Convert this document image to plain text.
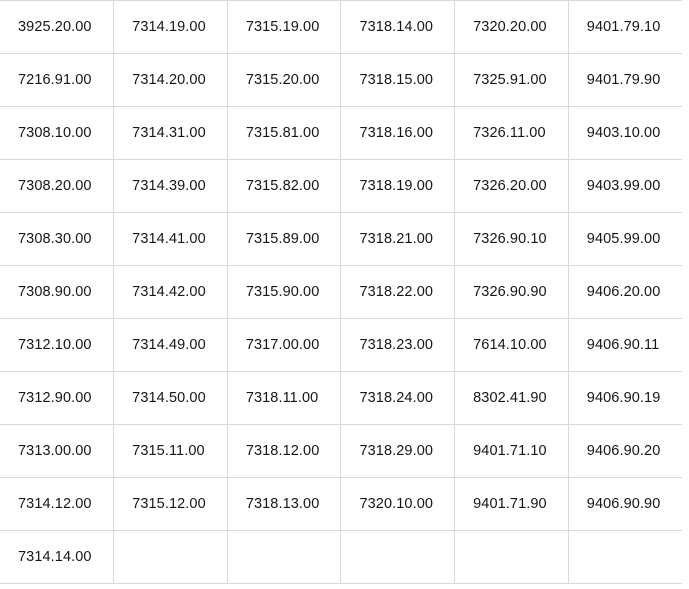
3925.20.00	7314.19.00	7315.19.00	7318.14.00	7320.20.00	9401.79.10
7216.91.00	7314.20.00	7315.20.00	7318.15.00	7325.91.00	9401.79.90
7308.10.00	7314.31.00	7315.81.00	7318.16.00	7326.11.00	9403.10.00
7308.20.00	7314.39.00	7315.82.00	7318.19.00	7326.20.00	9403.99.00
7308.30.00	7314.41.00	7315.89.00	7318.21.00	7326.90.10	9405.99.00
7308.90.00	7314.42.00	7315.90.00	7318.22.00	7326.90.90	9406.20.00
7312.10.00	7314.49.00	7317.00.00	7318.23.00	7614.10.00	9406.90.11
7312.90.00	7314.50.00	7318.11.00	7318.24.00	8302.41.90	9406.90.19
7313.00.00	7315.11.00	7318.12.00	7318.29.00	9401.71.10	9406.90.20
7314.12.00	7315.12.00	7318.13.00	7320.10.00	9401.71.90	9406.90.90
7314.14.00					
